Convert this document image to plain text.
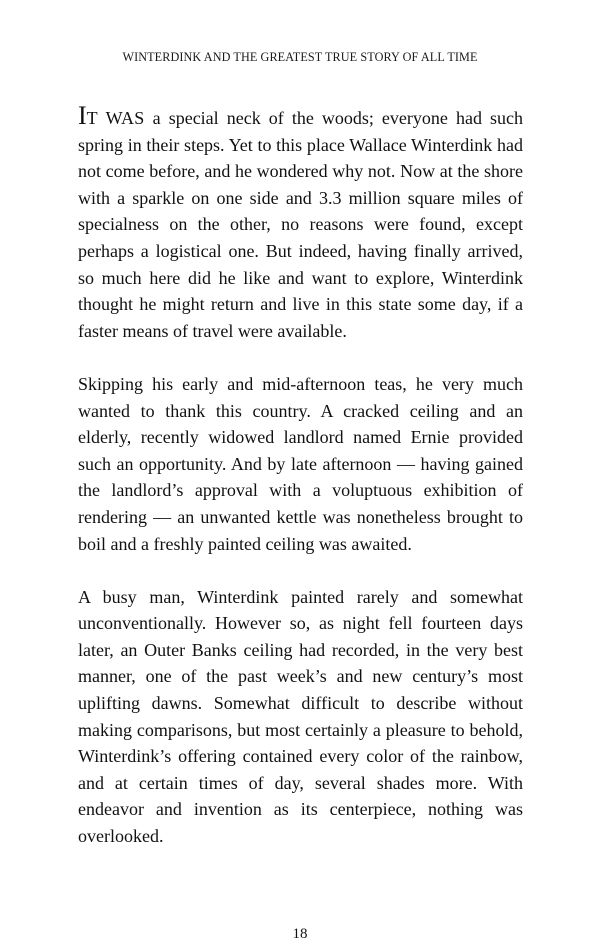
WINTERDINK AND THE GREATEST TRUE STORY OF ALL TIME

IT WAS a special neck of the woods; everyone had such spring in their steps. Yet to this place Wallace Winterdink had not come before, and he wondered why not. Now at the shore with a sparkle on one side and 3.3 million square miles of specialness on the other, no reasons were found, except perhaps a logistical one. But indeed, having finally arrived, so much here did he like and want to explore, Winterdink thought he might return and live in this state some day, if a faster means of travel were available.

Skipping his early and mid-afternoon teas, he very much wanted to thank this country. A cracked ceiling and an elderly, recently widowed landlord named Ernie provided such an opportunity. And by late afternoon — having gained the landlord’s approval with a voluptuous exhibition of rendering — an unwanted kettle was nonetheless brought to boil and a freshly painted ceiling was awaited.

A busy man, Winterdink painted rarely and somewhat unconventionally. However so, as night fell fourteen days later, an Outer Banks ceiling had recorded, in the very best manner, one of the past week’s and new century’s most uplifting dawns. Somewhat difficult to describe without making comparisons, but most certainly a pleasure to behold, Winterdink’s offering contained every color of the rainbow, and at certain times of day, several shades more. With endeavor and invention as its centerpiece, nothing was overlooked.

18
